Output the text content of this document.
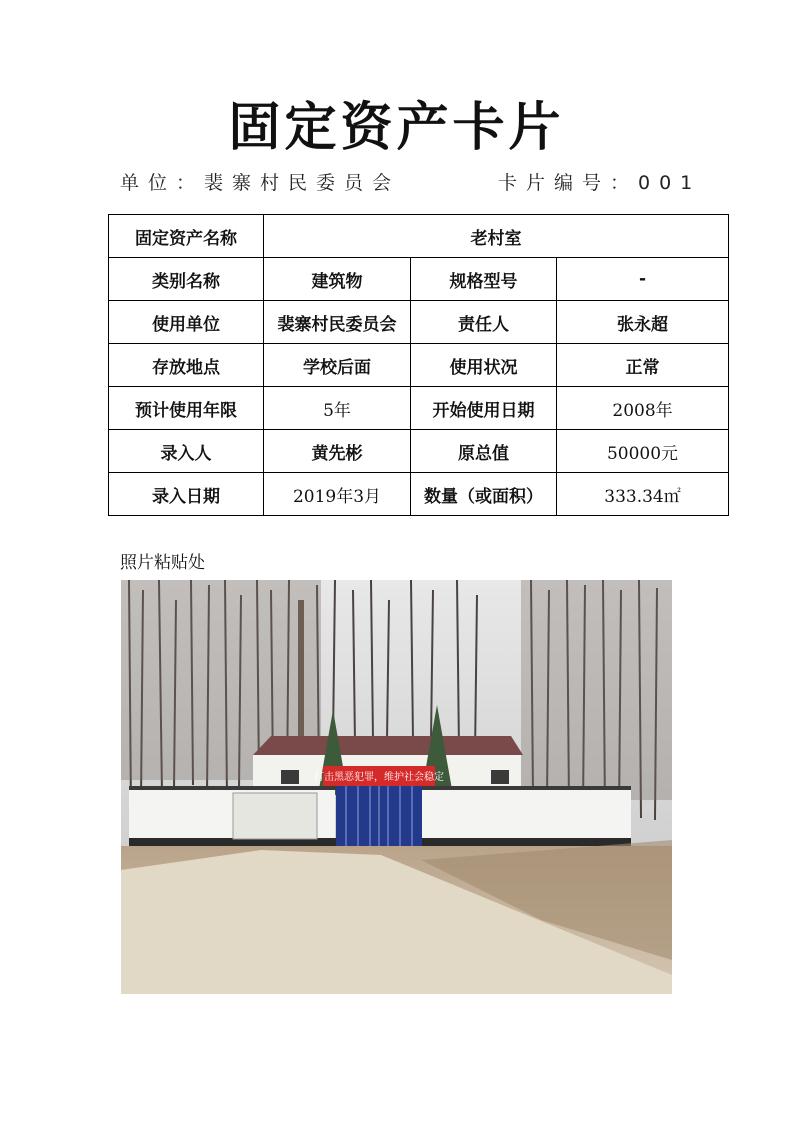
固定资产卡片
单位：裴寨村民委员会	卡片编号：001
固定资产名称	老村室		
类别名称	建筑物	规格型号	-
使用单位	裴寨村民委员会	责任人	张永超
存放地点	学校后面	使用状况	正常
预计使用年限	5年	开始使用日期	2008年
录入人	黄先彬	原总值	50000元
录入日期	2019年3月	数量（或面积）	333.34㎡
照片粘贴处
打击黑恶犯罪，维护社会稳定
